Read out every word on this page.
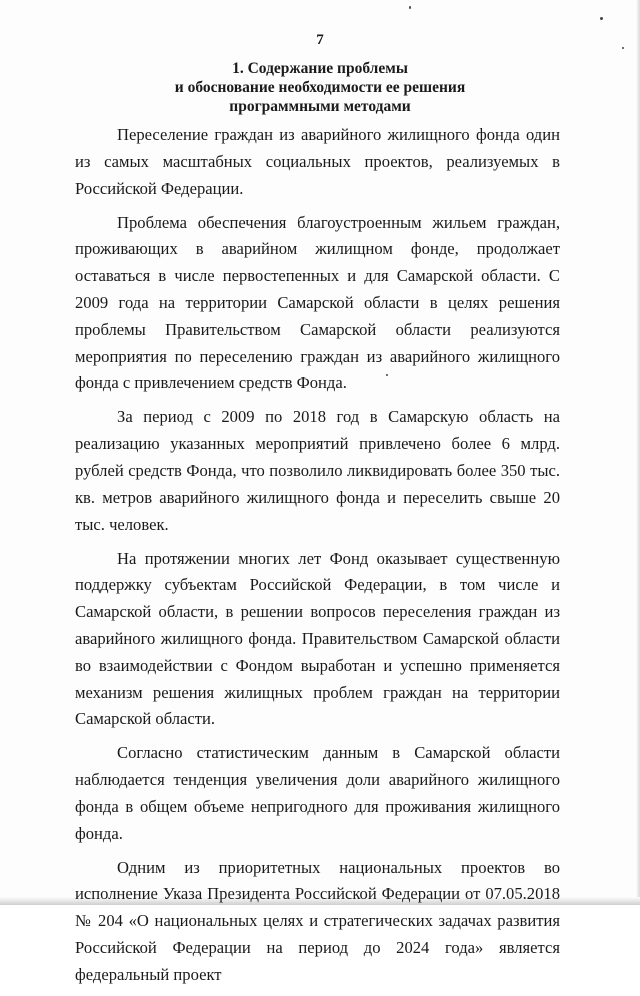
7
1. Содержание проблемы
и обоснование необходимости ее решения
программными методами

Переселение граждан из аварийного жилищного фонда один из самых масштабных социальных проектов, реализуемых в Российской Федерации.

Проблема обеспечения благоустроенным жильем граждан, проживающих в аварийном жилищном фонде, продолжает оставаться в числе первостепенных и для Самарской области. С 2009 года на территории Самарской области в целях решения проблемы Правительством Самарской области реализуются мероприятия по переселению граждан из аварийного жилищного фонда с привлечением средств Фонда.

За период с 2009 по 2018 год в Самарскую область на реализацию указанных мероприятий привлечено более 6 млрд. рублей средств Фонда, что позволило ликвидировать более 350 тыс. кв. метров аварийного жилищного фонда и переселить свыше 20 тыс. человек.

На протяжении многих лет Фонд оказывает существенную поддержку субъектам Российской Федерации, в том числе и Самарской области, в решении вопросов переселения граждан из аварийного жилищного фонда. Правительством Самарской области во взаимодействии с Фондом выработан и успешно применяется механизм решения жилищных проблем граждан на территории Самарской области.

Согласно статистическим данным в Самарской области наблюдается тенденция увеличения доли аварийного жилищного фонда в общем объеме непригодного для проживания жилищного фонда.

Одним из приоритетных национальных проектов во исполнение Указа Президента Российской Федерации от 07.05.2018 № 204 «О национальных целях и стратегических задачах развития Российской Федерации на период до 2024 года» является федеральный проект
